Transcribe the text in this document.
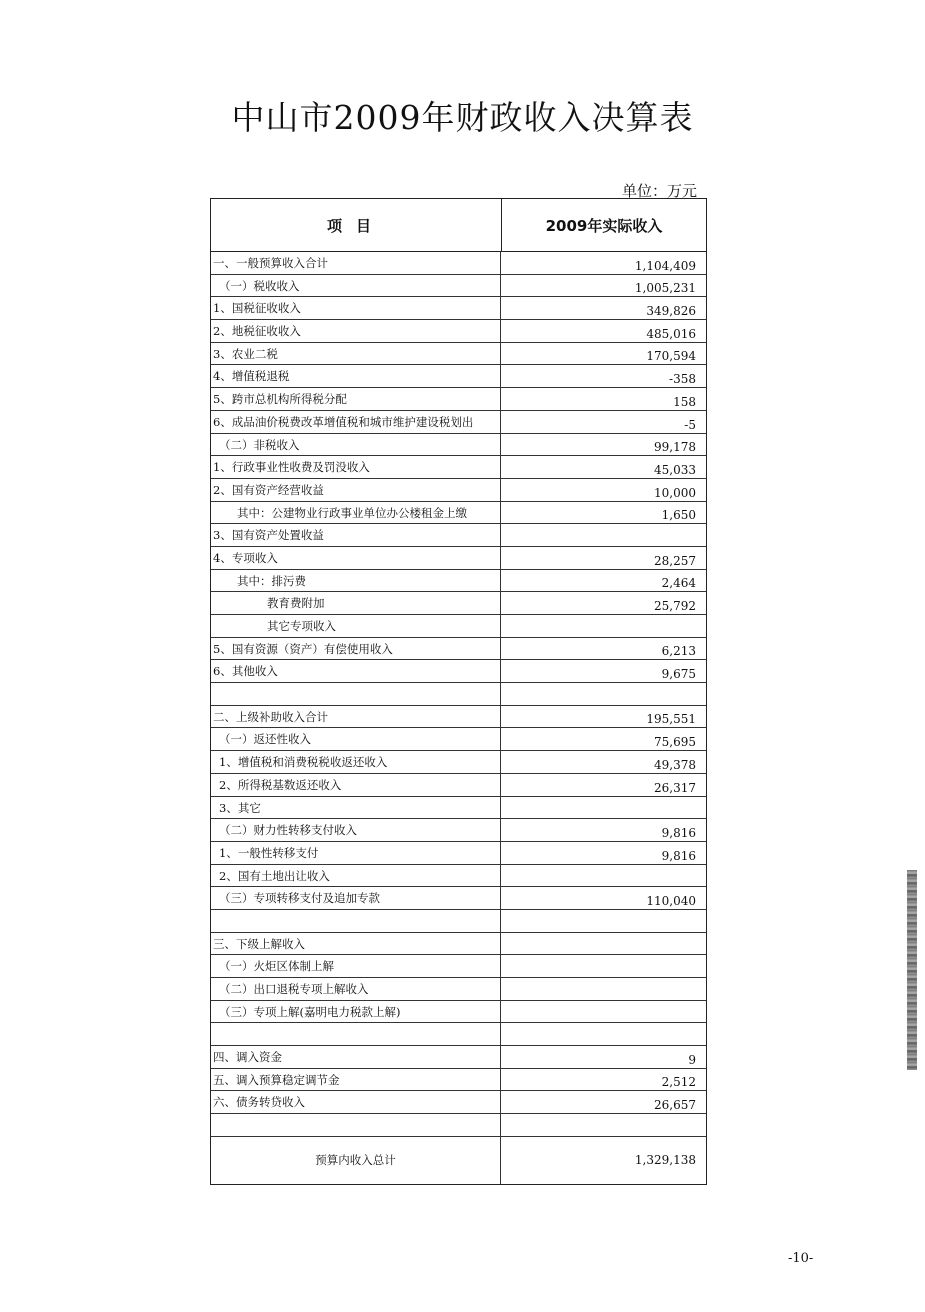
中山市2009年财政收入决算表
单位：万元
项目	2009年实际收入
一、一般预算收入合计	1,104,409
（一）税收收入	1,005,231
1、国税征收收入	349,826
2、地税征收收入	485,016
3、农业二税	170,594
4、增值税退税	-358
5、跨市总机构所得税分配	158
6、成品油价税费改革增值税和城市维护建设税划出	-5
（二）非税收入	99,178
1、行政事业性收费及罚没收入	45,033
2、国有资产经营收益	10,000
其中：公建物业行政事业单位办公楼租金上缴	1,650
3、国有资产处置收益
4、专项收入	28,257
其中：排污费	2,464
教育费附加	25,792
其它专项收入
5、国有资源（资产）有偿使用收入	6,213
6、其他收入	9,675
二、上级补助收入合计	195,551
（一）返还性收入	75,695
1、增值税和消费税税收返还收入	49,378
2、所得税基数返还收入	26,317
3、其它
（二）财力性转移支付收入	9,816
1、一般性转移支付	9,816
2、国有土地出让收入
（三）专项转移支付及追加专款	110,040
三、下级上解收入
（一）火炬区体制上解
（二）出口退税专项上解收入
（三）专项上解(嘉明电力税款上解)
四、调入资金	9
五、调入预算稳定调节金	2,512
六、债务转贷收入	26,657
预算内收入总计	1,329,138
-10-
